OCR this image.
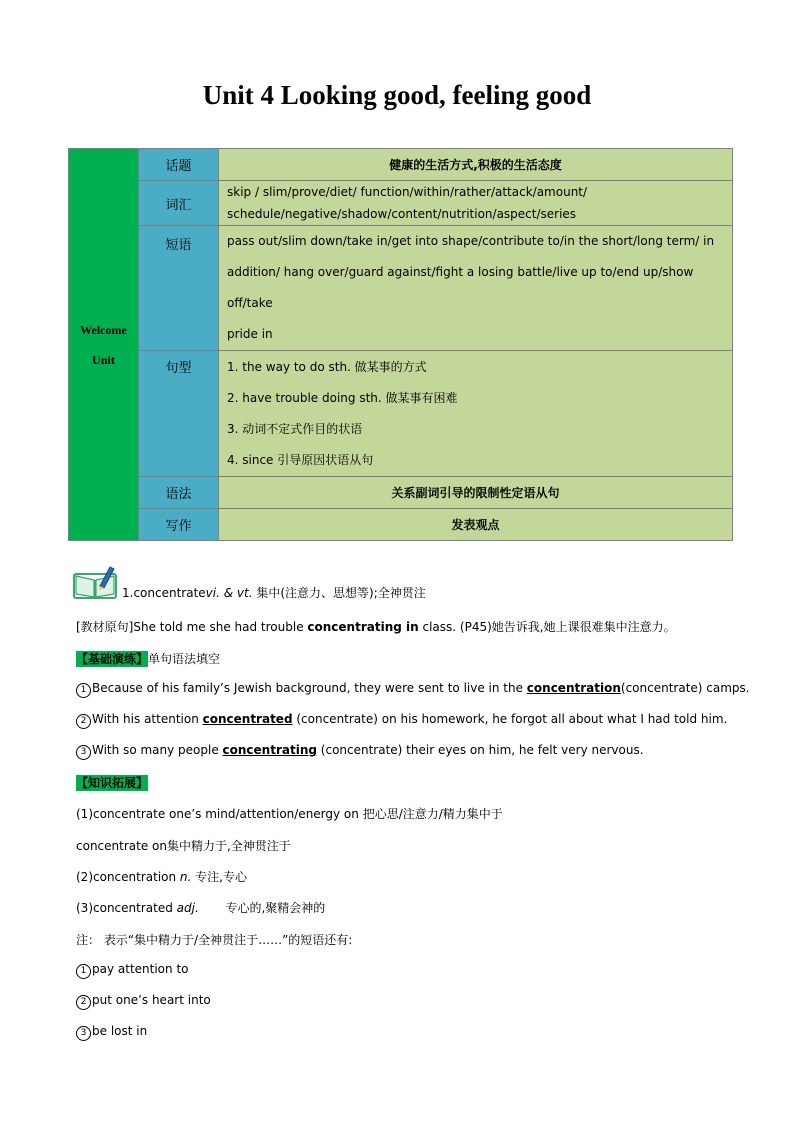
Unit 4 Looking good, feeling good
Welcome
Unit	话题	健康的生活方式,积极的生活态度

	词汇	skip / slim/prove/diet/ function/within/rather/attack/amount/
schedule/negative/shadow/content/nutrition/aspect/series

	短语	pass out/slim down/take in/get into shape/contribute to/in the short/long term/ in
addition/ hang over/guard against/fight a losing battle/live up to/end up/show off/take
pride in

	句型	1. the way to do sth. 做某事的方式
2. have trouble doing sth. 做某事有困难
3. 动词不定式作目的状语
4. since 引导原因状语从句

	语法	关系副词引导的限制性定语从句

	写作	发表观点
1.concentratevi. & vt. 集中(注意力、思想等);全神贯注
[教材原句]She told me she had trouble concentrating in class. (P45)她告诉我,她上课很难集中注意力。
【基础演练】单句语法填空
1 Because of his family’s Jewish background, they were sent to live in the concentration(concentrate) camps.
2 With his attention concentrated (concentrate) on his homework, he forgot all about what I had told him.
3 With so many people concentrating (concentrate) their eyes on him, he felt very nervous.
【知识拓展】
(1)concentrate one’s mind/attention/energy on 把心思/注意力/精力集中于
concentrate on集中精力于,全神贯注于
(2)concentration n. 专注,专心
(3)concentrated adj.       专心的,聚精会神的
注： 表示“集中精力于/全神贯注于……”的短语还有:
1 pay attention to
2 put one’s heart into
3 be lost in
